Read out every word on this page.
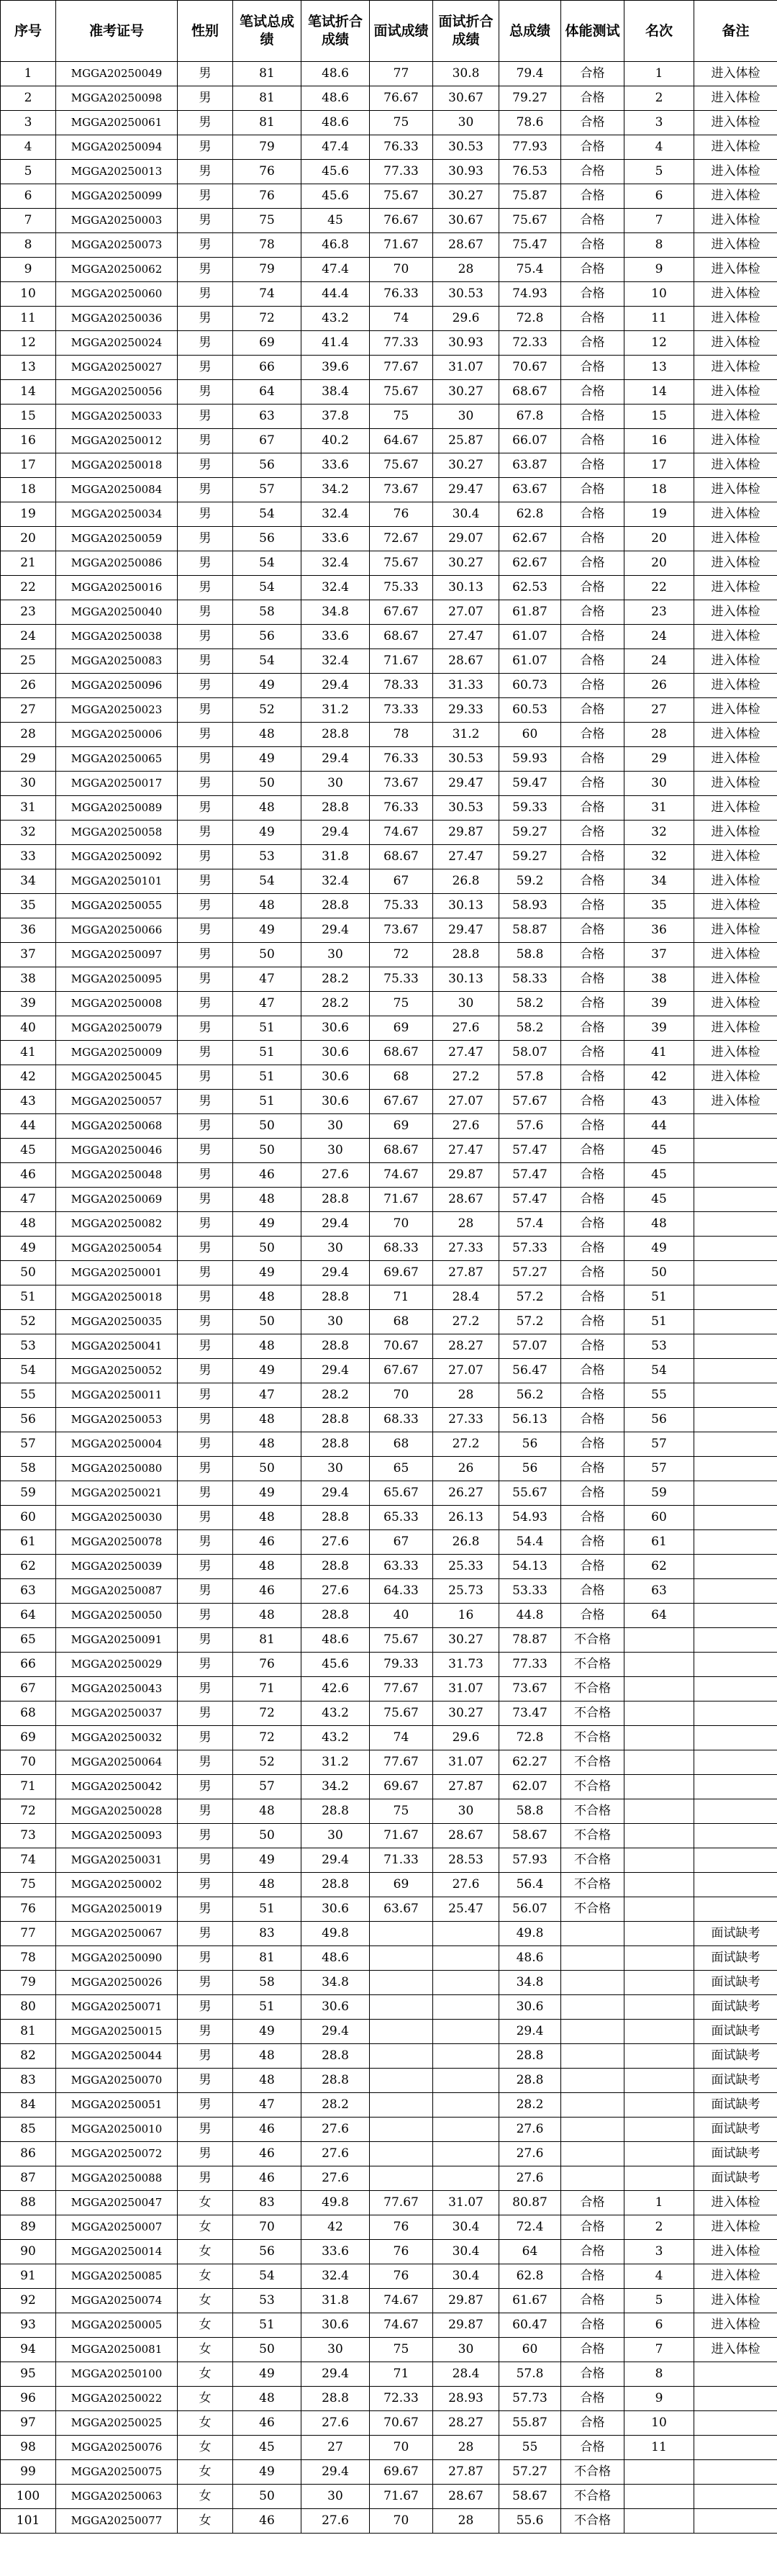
序号	准考证号	性别	笔试总成绩	笔试折合成绩	面试成绩	面试折合成绩	总成绩	体能测试	名次	备注
1	MGGA20250049	男	81	48.6	77	30.8	79.4	合格	1	进入体检
2	MGGA20250098	男	81	48.6	76.67	30.67	79.27	合格	2	进入体检
3	MGGA20250061	男	81	48.6	75	30	78.6	合格	3	进入体检
4	MGGA20250094	男	79	47.4	76.33	30.53	77.93	合格	4	进入体检
5	MGGA20250013	男	76	45.6	77.33	30.93	76.53	合格	5	进入体检
6	MGGA20250099	男	76	45.6	75.67	30.27	75.87	合格	6	进入体检
7	MGGA20250003	男	75	45	76.67	30.67	75.67	合格	7	进入体检
8	MGGA20250073	男	78	46.8	71.67	28.67	75.47	合格	8	进入体检
9	MGGA20250062	男	79	47.4	70	28	75.4	合格	9	进入体检
10	MGGA20250060	男	74	44.4	76.33	30.53	74.93	合格	10	进入体检
11	MGGA20250036	男	72	43.2	74	29.6	72.8	合格	11	进入体检
12	MGGA20250024	男	69	41.4	77.33	30.93	72.33	合格	12	进入体检
13	MGGA20250027	男	66	39.6	77.67	31.07	70.67	合格	13	进入体检
14	MGGA20250056	男	64	38.4	75.67	30.27	68.67	合格	14	进入体检
15	MGGA20250033	男	63	37.8	75	30	67.8	合格	15	进入体检
16	MGGA20250012	男	67	40.2	64.67	25.87	66.07	合格	16	进入体检
17	MGGA20250018	男	56	33.6	75.67	30.27	63.87	合格	17	进入体检
18	MGGA20250084	男	57	34.2	73.67	29.47	63.67	合格	18	进入体检
19	MGGA20250034	男	54	32.4	76	30.4	62.8	合格	19	进入体检
20	MGGA20250059	男	56	33.6	72.67	29.07	62.67	合格	20	进入体检
21	MGGA20250086	男	54	32.4	75.67	30.27	62.67	合格	20	进入体检
22	MGGA20250016	男	54	32.4	75.33	30.13	62.53	合格	22	进入体检
23	MGGA20250040	男	58	34.8	67.67	27.07	61.87	合格	23	进入体检
24	MGGA20250038	男	56	33.6	68.67	27.47	61.07	合格	24	进入体检
25	MGGA20250083	男	54	32.4	71.67	28.67	61.07	合格	24	进入体检
26	MGGA20250096	男	49	29.4	78.33	31.33	60.73	合格	26	进入体检
27	MGGA20250023	男	52	31.2	73.33	29.33	60.53	合格	27	进入体检
28	MGGA20250006	男	48	28.8	78	31.2	60	合格	28	进入体检
29	MGGA20250065	男	49	29.4	76.33	30.53	59.93	合格	29	进入体检
30	MGGA20250017	男	50	30	73.67	29.47	59.47	合格	30	进入体检
31	MGGA20250089	男	48	28.8	76.33	30.53	59.33	合格	31	进入体检
32	MGGA20250058	男	49	29.4	74.67	29.87	59.27	合格	32	进入体检
33	MGGA20250092	男	53	31.8	68.67	27.47	59.27	合格	32	进入体检
34	MGGA20250101	男	54	32.4	67	26.8	59.2	合格	34	进入体检
35	MGGA20250055	男	48	28.8	75.33	30.13	58.93	合格	35	进入体检
36	MGGA20250066	男	49	29.4	73.67	29.47	58.87	合格	36	进入体检
37	MGGA20250097	男	50	30	72	28.8	58.8	合格	37	进入体检
38	MGGA20250095	男	47	28.2	75.33	30.13	58.33	合格	38	进入体检
39	MGGA20250008	男	47	28.2	75	30	58.2	合格	39	进入体检
40	MGGA20250079	男	51	30.6	69	27.6	58.2	合格	39	进入体检
41	MGGA20250009	男	51	30.6	68.67	27.47	58.07	合格	41	进入体检
42	MGGA20250045	男	51	30.6	68	27.2	57.8	合格	42	进入体检
43	MGGA20250057	男	51	30.6	67.67	27.07	57.67	合格	43	进入体检
44	MGGA20250068	男	50	30	69	27.6	57.6	合格	44	
45	MGGA20250046	男	50	30	68.67	27.47	57.47	合格	45	
46	MGGA20250048	男	46	27.6	74.67	29.87	57.47	合格	45	
47	MGGA20250069	男	48	28.8	71.67	28.67	57.47	合格	45	
48	MGGA20250082	男	49	29.4	70	28	57.4	合格	48	
49	MGGA20250054	男	50	30	68.33	27.33	57.33	合格	49	
50	MGGA20250001	男	49	29.4	69.67	27.87	57.27	合格	50	
51	MGGA20250018	男	48	28.8	71	28.4	57.2	合格	51	
52	MGGA20250035	男	50	30	68	27.2	57.2	合格	51	
53	MGGA20250041	男	48	28.8	70.67	28.27	57.07	合格	53	
54	MGGA20250052	男	49	29.4	67.67	27.07	56.47	合格	54	
55	MGGA20250011	男	47	28.2	70	28	56.2	合格	55	
56	MGGA20250053	男	48	28.8	68.33	27.33	56.13	合格	56	
57	MGGA20250004	男	48	28.8	68	27.2	56	合格	57	
58	MGGA20250080	男	50	30	65	26	56	合格	57	
59	MGGA20250021	男	49	29.4	65.67	26.27	55.67	合格	59	
60	MGGA20250030	男	48	28.8	65.33	26.13	54.93	合格	60	
61	MGGA20250078	男	46	27.6	67	26.8	54.4	合格	61	
62	MGGA20250039	男	48	28.8	63.33	25.33	54.13	合格	62	
63	MGGA20250087	男	46	27.6	64.33	25.73	53.33	合格	63	
64	MGGA20250050	男	48	28.8	40	16	44.8	合格	64	
65	MGGA20250091	男	81	48.6	75.67	30.27	78.87	不合格		
66	MGGA20250029	男	76	45.6	79.33	31.73	77.33	不合格		
67	MGGA20250043	男	71	42.6	77.67	31.07	73.67	不合格		
68	MGGA20250037	男	72	43.2	75.67	30.27	73.47	不合格		
69	MGGA20250032	男	72	43.2	74	29.6	72.8	不合格		
70	MGGA20250064	男	52	31.2	77.67	31.07	62.27	不合格		
71	MGGA20250042	男	57	34.2	69.67	27.87	62.07	不合格		
72	MGGA20250028	男	48	28.8	75	30	58.8	不合格		
73	MGGA20250093	男	50	30	71.67	28.67	58.67	不合格		
74	MGGA20250031	男	49	29.4	71.33	28.53	57.93	不合格		
75	MGGA20250002	男	48	28.8	69	27.6	56.4	不合格		
76	MGGA20250019	男	51	30.6	63.67	25.47	56.07	不合格		
77	MGGA20250067	男	83	49.8			49.8			面试缺考
78	MGGA20250090	男	81	48.6			48.6			面试缺考
79	MGGA20250026	男	58	34.8			34.8			面试缺考
80	MGGA20250071	男	51	30.6			30.6			面试缺考
81	MGGA20250015	男	49	29.4			29.4			面试缺考
82	MGGA20250044	男	48	28.8			28.8			面试缺考
83	MGGA20250070	男	48	28.8			28.8			面试缺考
84	MGGA20250051	男	47	28.2			28.2			面试缺考
85	MGGA20250010	男	46	27.6			27.6			面试缺考
86	MGGA20250072	男	46	27.6			27.6			面试缺考
87	MGGA20250088	男	46	27.6			27.6			面试缺考
88	MGGA20250047	女	83	49.8	77.67	31.07	80.87	合格	1	进入体检
89	MGGA20250007	女	70	42	76	30.4	72.4	合格	2	进入体检
90	MGGA20250014	女	56	33.6	76	30.4	64	合格	3	进入体检
91	MGGA20250085	女	54	32.4	76	30.4	62.8	合格	4	进入体检
92	MGGA20250074	女	53	31.8	74.67	29.87	61.67	合格	5	进入体检
93	MGGA20250005	女	51	30.6	74.67	29.87	60.47	合格	6	进入体检
94	MGGA20250081	女	50	30	75	30	60	合格	7	进入体检
95	MGGA20250100	女	49	29.4	71	28.4	57.8	合格	8	
96	MGGA20250022	女	48	28.8	72.33	28.93	57.73	合格	9	
97	MGGA20250025	女	46	27.6	70.67	28.27	55.87	合格	10	
98	MGGA20250076	女	45	27	70	28	55	合格	11	
99	MGGA20250075	女	49	29.4	69.67	27.87	57.27	不合格		
100	MGGA20250063	女	50	30	71.67	28.67	58.67	不合格		
101	MGGA20250077	女	46	27.6	70	28	55.6	不合格		
